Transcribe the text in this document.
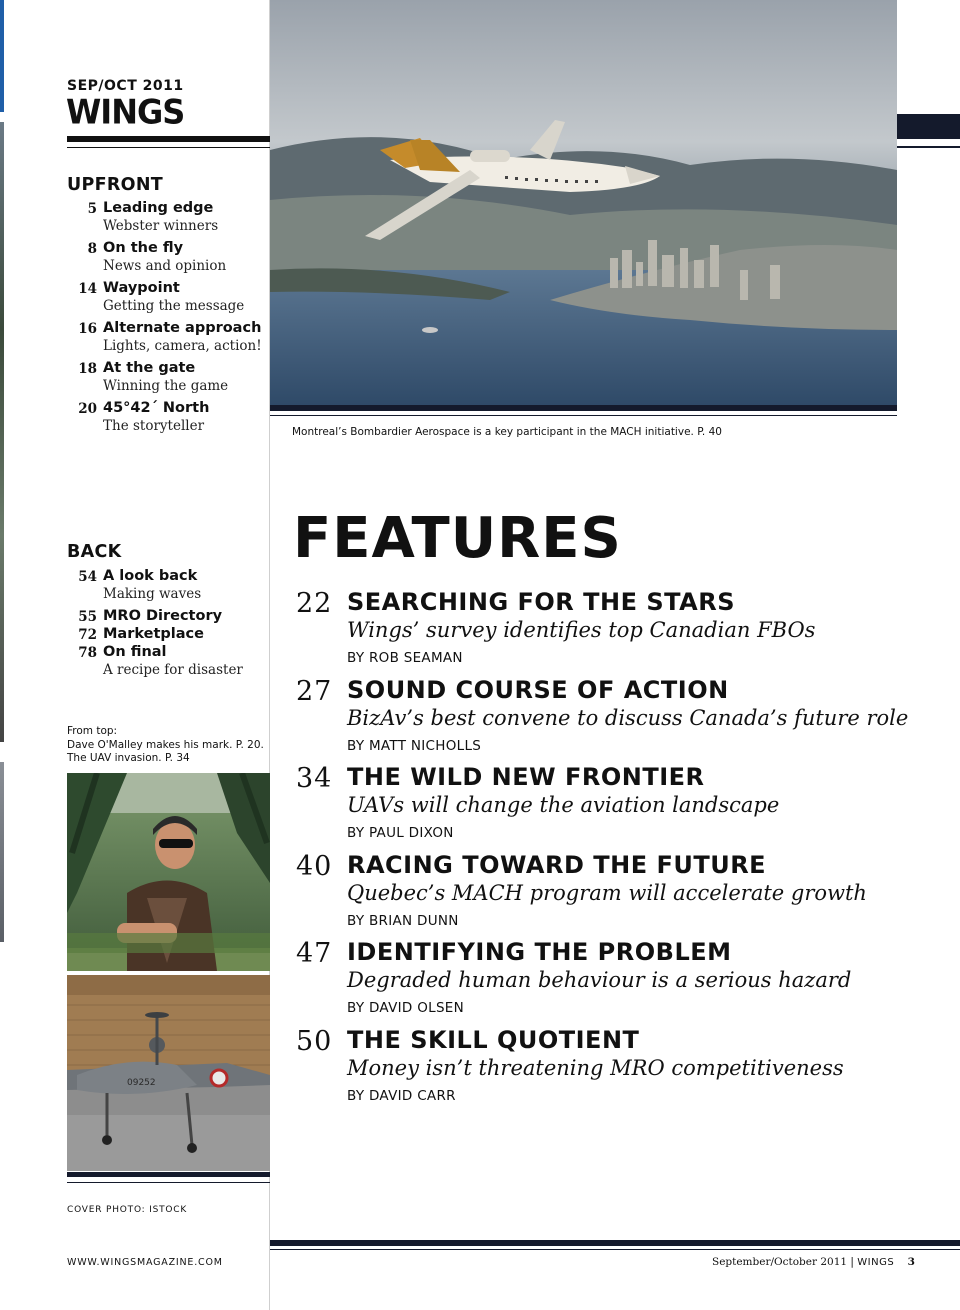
SEP/OCT 2011
WINGS
UPFRONT
5 Leading edge
Webster winners
8 On the fly
News and opinion
14 Waypoint
Getting the message
16 Alternate approach
Lights, camera, action!
18 At the gate
Winning the game
20 45°42´ North
The storyteller
BACK
54 A look back
Making waves
55 MRO Directory
72 Marketplace
78 On final
A recipe for disaster
From top:
Dave O'Malley makes his mark. P. 20.
The UAV invasion. P. 34
09252
Montreal’s Bombardier Aerospace is a key participant in the MACH initiative. P. 40
FEATURES
22 SEARCHING FOR THE STARS
Wings’ survey identifies top Canadian FBOs
BY ROB SEAMAN
27 SOUND COURSE OF ACTION
BizAv’s best convene to discuss Canada’s future role
BY MATT NICHOLLS
34 THE WILD NEW FRONTIER
UAVs will change the aviation landscape
BY PAUL DIXON
40 RACING TOWARD THE FUTURE
Quebec’s MACH program will accelerate growth
BY BRIAN DUNN
47 IDENTIFYING THE PROBLEM
Degraded human behaviour is a serious hazard
BY DAVID OLSEN
50 THE SKILL QUOTIENT
Money isn’t threatening MRO competitiveness
BY DAVID CARR
COVER PHOTO: ISTOCK
WWW.WINGSMAGAZINE.COM	September/October 2011 | WINGS 3
